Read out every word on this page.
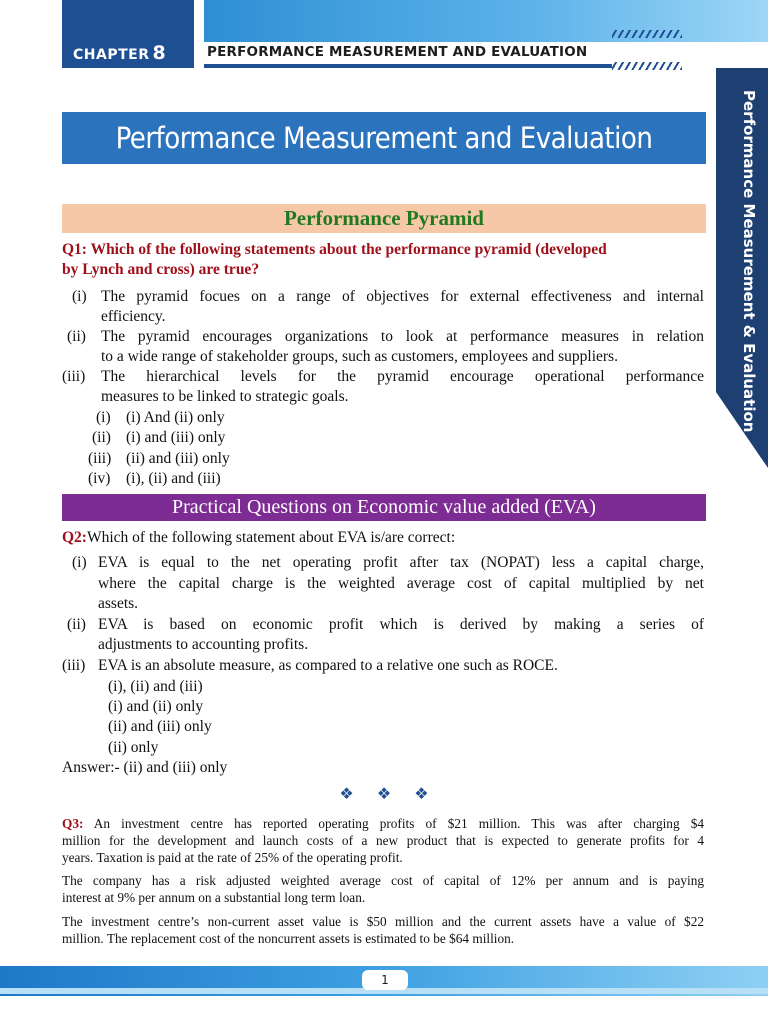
CHAPTER 8	PERFORMANCE MEASUREMENT AND EVALUATION
Performance Measurement & Evaluation
Performance Measurement and Evaluation
Performance Pyramid
Q1: Which of the following statements about the performance pyramid (developed
by Lynch and cross) are true?
(i) The pyramid focues on a range of objectives for external effectiveness and internal
efficiency.
(ii) The pyramid encourages organizations to look at performance measures in relation
to a wide range of stakeholder groups, such as customers, employees and suppliers.
(iii) The hierarchical levels for the pyramid encourage operational performance
measures to be linked to strategic goals.
(i) (i) And (ii) only
(ii) (i) and (iii) only
(iii) (ii) and (iii) only
(iv) (i), (ii) and (iii)
Practical Questions on Economic value added (EVA)
Q2:Which of the following statement about EVA is/are correct:
(i) EVA is equal to the net operating profit after tax (NOPAT) less a capital charge,
where the capital charge is the weighted average cost of capital multiplied by net
assets.
(ii) EVA is based on economic profit which is derived by making a series of
adjustments to accounting profits.
(iii) EVA is an absolute measure, as compared to a relative one such as ROCE.
(i), (ii) and (iii)
(i) and (ii) only
(ii) and (iii) only
(ii) only
Answer:- (ii) and (iii) only
❖ ❖ ❖
Q3: An investment centre has reported operating profits of $21 million. This was after charging $4
million for the development and launch costs of a new product that is expected to generate profits for 4
years. Taxation is paid at the rate of 25% of the operating profit.
The company has a risk adjusted weighted average cost of capital of 12% per annum and is paying
interest at 9% per annum on a substantial long term loan.
The investment centre’s non-current asset value is $50 million and the current assets have a value of $22
million. The replacement cost of the noncurrent assets is estimated to be $64 million.
1
